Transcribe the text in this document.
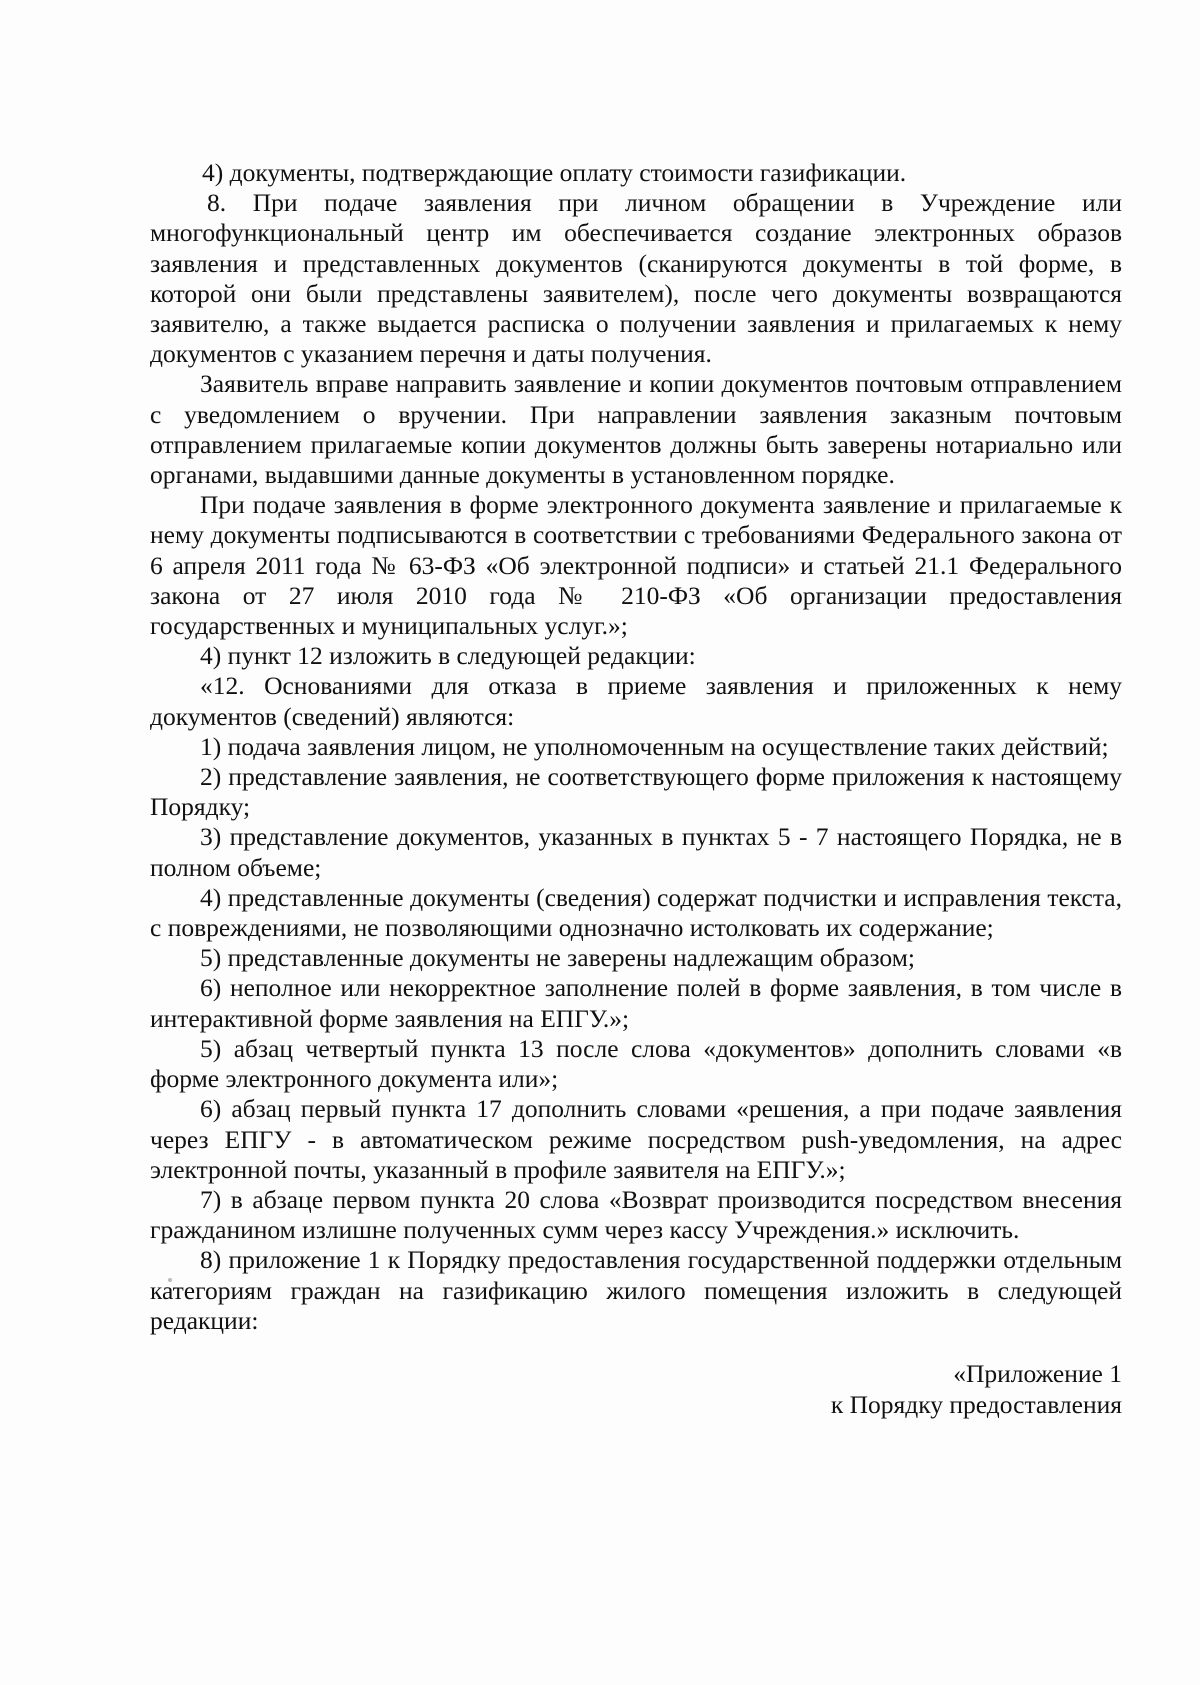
4) документы, подтверждающие оплату стоимости газификации.

8. При подаче заявления при личном обращении в Учреждение или многофункциональный центр им обеспечивается создание электронных образов заявления и представленных документов (сканируются документы в той форме, в которой они были представлены заявителем), после чего документы возвращаются заявителю, а также выдается расписка о получении заявления и прилагаемых к нему документов с указанием перечня и даты получения.

Заявитель вправе направить заявление и копии документов почтовым отправлением с уведомлением о вручении. При направлении заявления заказным почтовым отправлением прилагаемые копии документов должны быть заверены нотариально или органами, выдавшими данные документы в установленном порядке.

При подаче заявления в форме электронного документа заявление и прилагаемые к нему документы подписываются в соответствии с требованиями Федерального закона от 6 апреля 2011 года № 63-ФЗ «Об электронной подписи» и статьей 21.1 Федерального закона от 27 июля 2010 года № 210-ФЗ «Об организации предоставления государственных и муниципальных услуг.»;

4) пункт 12 изложить в следующей редакции:

«12. Основаниями для отказа в приеме заявления и приложенных к нему документов (сведений) являются:

1) подача заявления лицом, не уполномоченным на осуществление таких действий;

2) представление заявления, не соответствующего форме приложения к настоящему Порядку;

3) представление документов, указанных в пунктах 5 - 7 настоящего Порядка, не в полном объеме;

4) представленные документы (сведения) содержат подчистки и исправления текста, с повреждениями, не позволяющими однозначно истолковать их содержание;

5) представленные документы не заверены надлежащим образом;

6) неполное или некорректное заполнение полей в форме заявления, в том числе в интерактивной форме заявления на ЕПГУ.»;

5) абзац четвертый пункта 13 после слова «документов» дополнить словами «в форме электронного документа или»;

6) абзац первый пункта 17 дополнить словами «решения, а при подаче заявления через ЕПГУ - в автоматическом режиме посредством push-уведомления, на адрес электронной почты, указанный в профиле заявителя на ЕПГУ.»;

7) в абзаце первом пункта 20 слова «Возврат производится посредством внесения гражданином излишне полученных сумм через кассу Учреждения.» исключить.

8) приложение 1 к Порядку предоставления государственной поддержки отдельным категориям граждан на газификацию жилого помещения изложить в следующей редакции:

«Приложение 1
к Порядку предоставления
